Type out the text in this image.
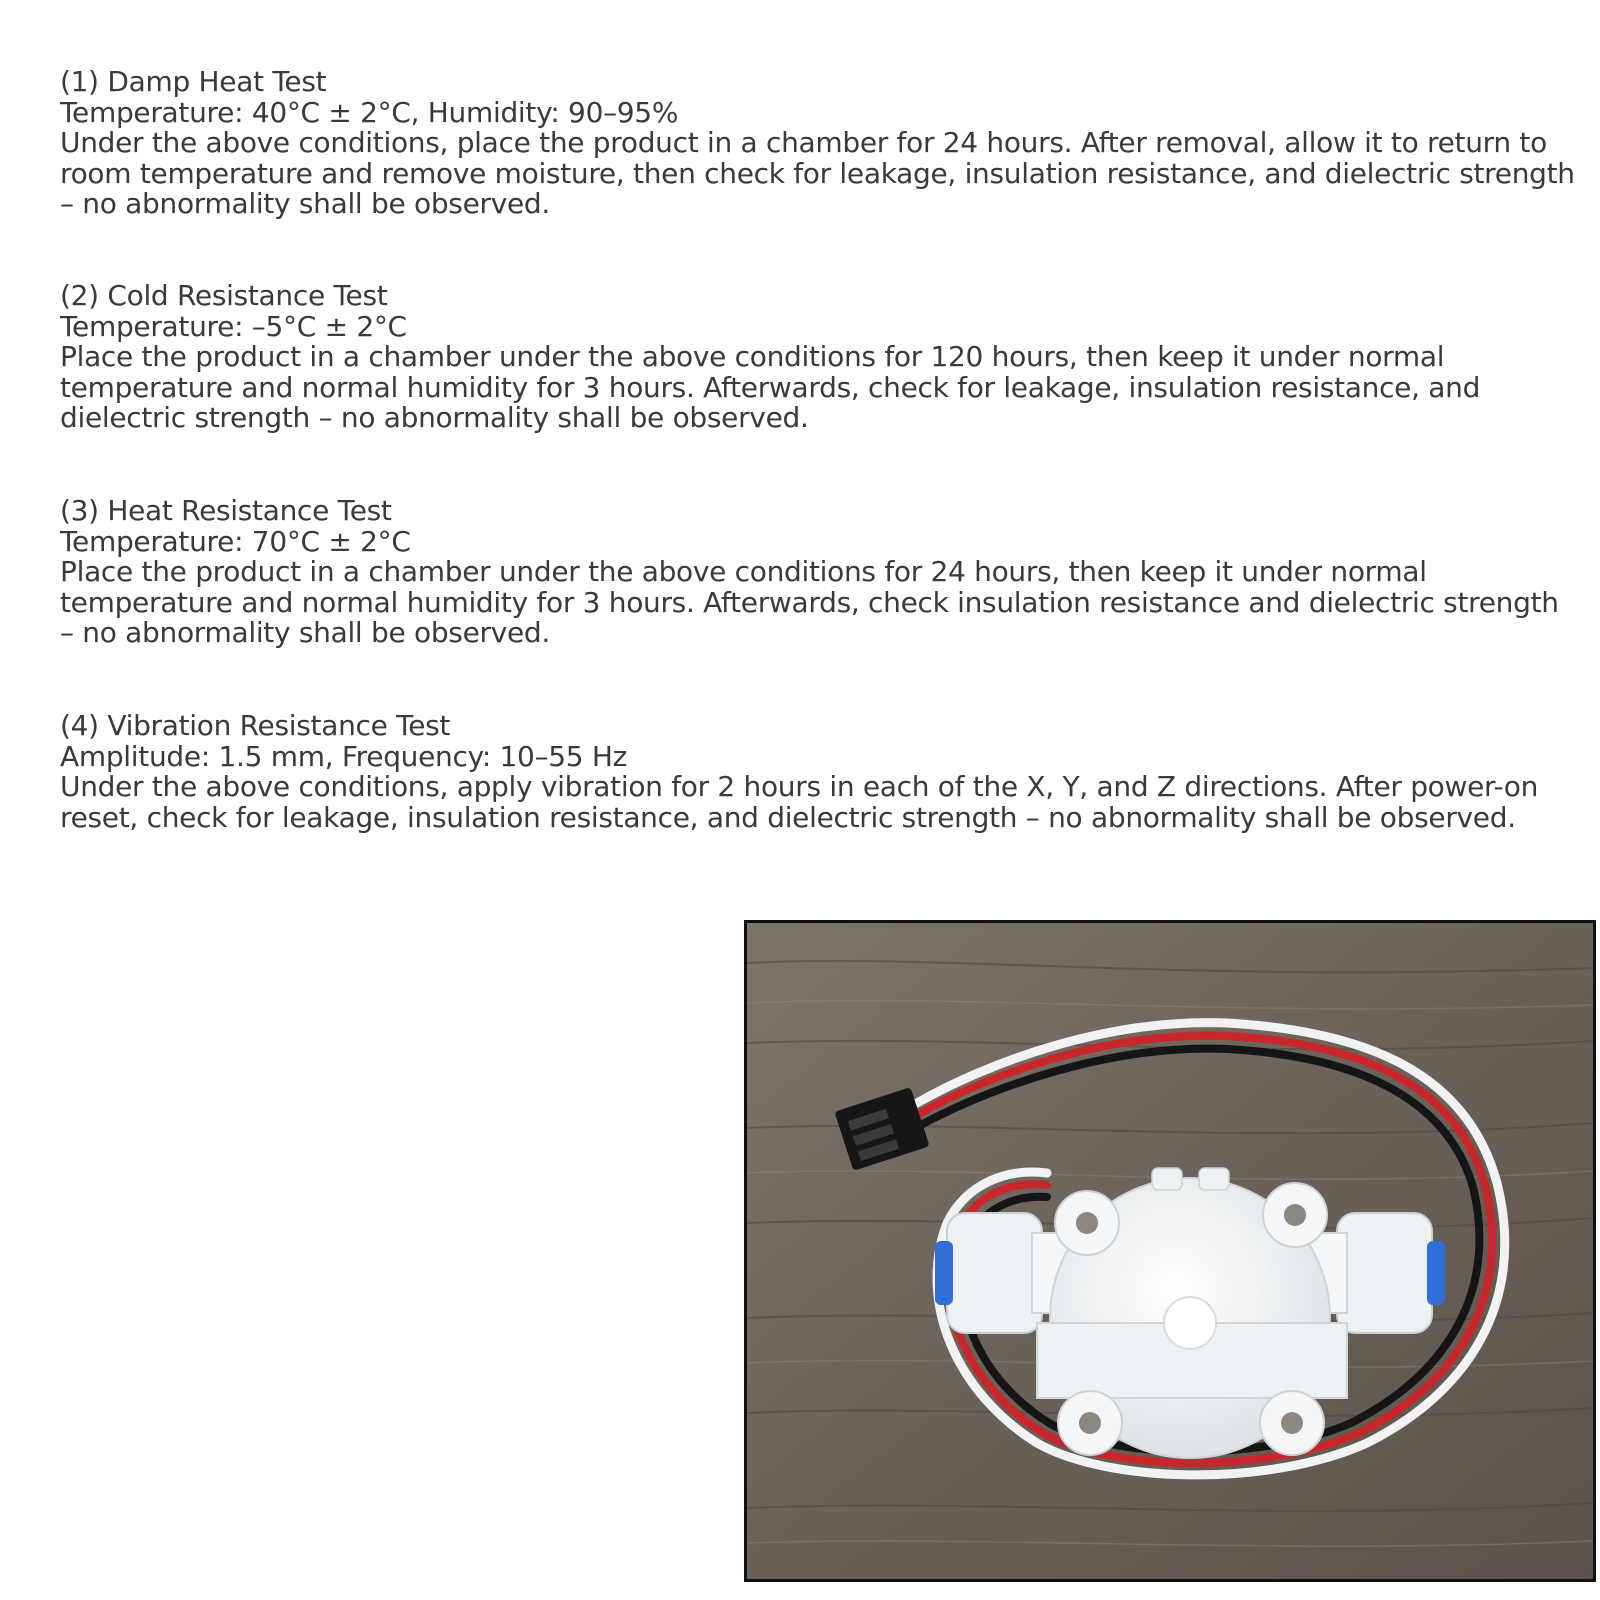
(1) Damp Heat Test

Temperature: 40°C ± 2°C, Humidity: 90–95%

Under the above conditions, place the product in a chamber for 24 hours. After removal, allow it to return to room temperature and remove moisture, then check for leakage, insulation resistance, and dielectric strength – no abnormality shall be observed.

(2) Cold Resistance Test

Temperature: –5°C ± 2°C

Place the product in a chamber under the above conditions for 120 hours, then keep it under normal temperature and normal humidity for 3 hours. Afterwards, check for leakage, insulation resistance, and dielectric strength – no abnormality shall be observed.

(3) Heat Resistance Test

Temperature: 70°C ± 2°C

Place the product in a chamber under the above conditions for 24 hours, then keep it under normal temperature and normal humidity for 3 hours. Afterwards, check insulation resistance and dielectric strength – no abnormality shall be observed.

(4) Vibration Resistance Test

Amplitude: 1.5 mm, Frequency: 10–55 Hz

Under the above conditions, apply vibration for 2 hours in each of the X, Y, and Z directions. After power-on reset, check for leakage, insulation resistance, and dielectric strength – no abnormality shall be observed.
